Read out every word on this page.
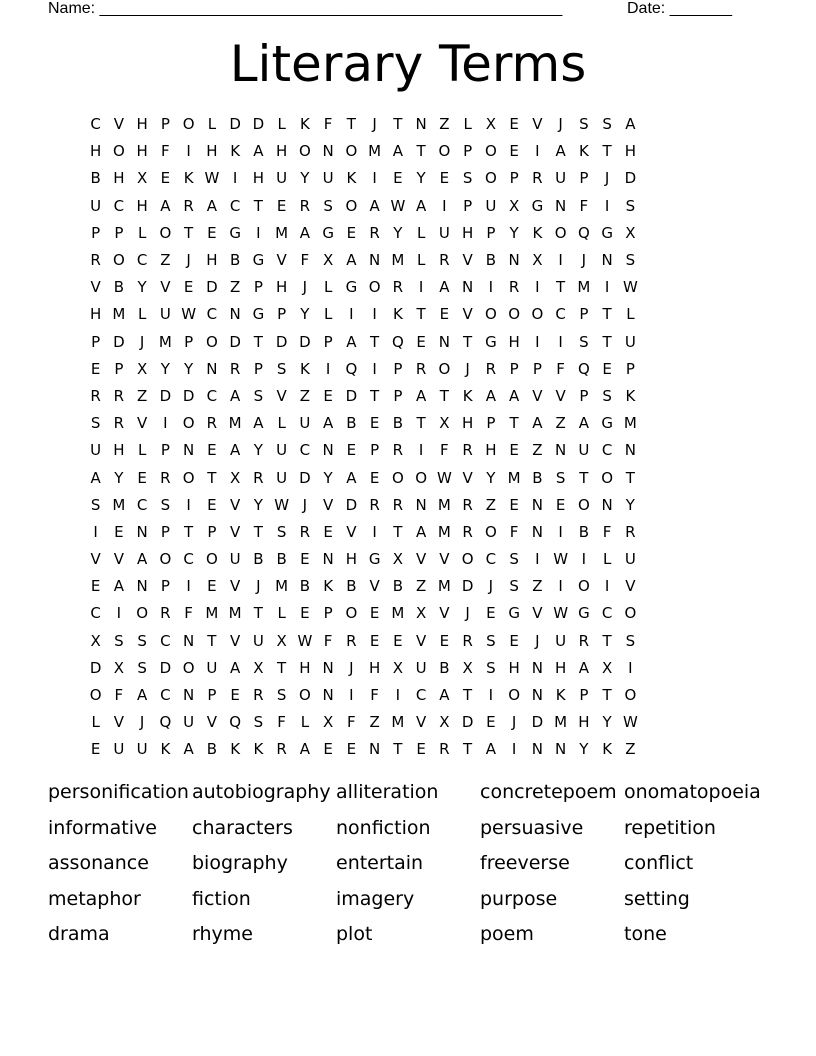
Name: ____________________________________________________	Date: _______
Literary Terms
C V H P O L D D L K F T	J	T N Z L X E V	J	S S A
H O H F	I	H K A H O N O M A T O P O E	I	A K T H
B H X E K W I	H U Y U K	I	E Y E S O P R U P	J	D
U C H A R A C T E R S O A W A	I	P U X G N F	I	S
P P L O T E G	I M A G E R Y L U H P Y K O Q G X
R O C Z	J	H B G V F X A N M L R V B N X	I	J	N S
V B Y V E D Z P H	J	L G O R	I	A N	I	R	I	T M I W
H M L U W C N G P Y L	I	I	K T E V O O O C P T L
P D	J M P O D T D D P A T Q E N T G H	I	I	S T U
E P X Y Y N R P S K	I	Q	I	P R O	J	R P P F Q E P
R R Z D D C A S V Z E D T P A T K A A V V P S K
S R V	I	O R M A L U A B E B T X H P T A Z A G M
U H L P N E A Y U C N E P R	I	F R H E Z N U C N
A Y E R O T X R U D Y A E O O W V Y M B S T O T
S M C S	I	E V Y W J	V D R R N M R Z E N E O N Y
I	E N P T P V T S R E V	I	T A M R O F N	I	B F R
V V A O C O U B B E N H G X V V O C S	I W I	L U
E A N P	I	E V	J M B K B V B Z M D	J	S Z	I	O	I	V
C	I	O R F M M T L E P O E M X V	J	E G V W G C O
X S S C N T V U X W F R E E V E R S E	J	U R T S
D X S D O U A X T H N	J	H X U B X S H N H A X	I
O F A C N P E R S O N	I	F	I	C A T	I	O N K P T O
L V	J	Q U V Q S F L X F Z M V X D E	J	D M H Y W
E U U K A B K K R A E E N T E R T A	I	N N Y K Z
personification autobiography alliteration	concretepoem onomatopoeia
informative	characters	nonfiction	persuasive	repetition
assonance	biography	entertain	freeverse	conflict
metaphor	fiction	imagery	purpose	setting
drama	rhyme	plot	poem	tone
